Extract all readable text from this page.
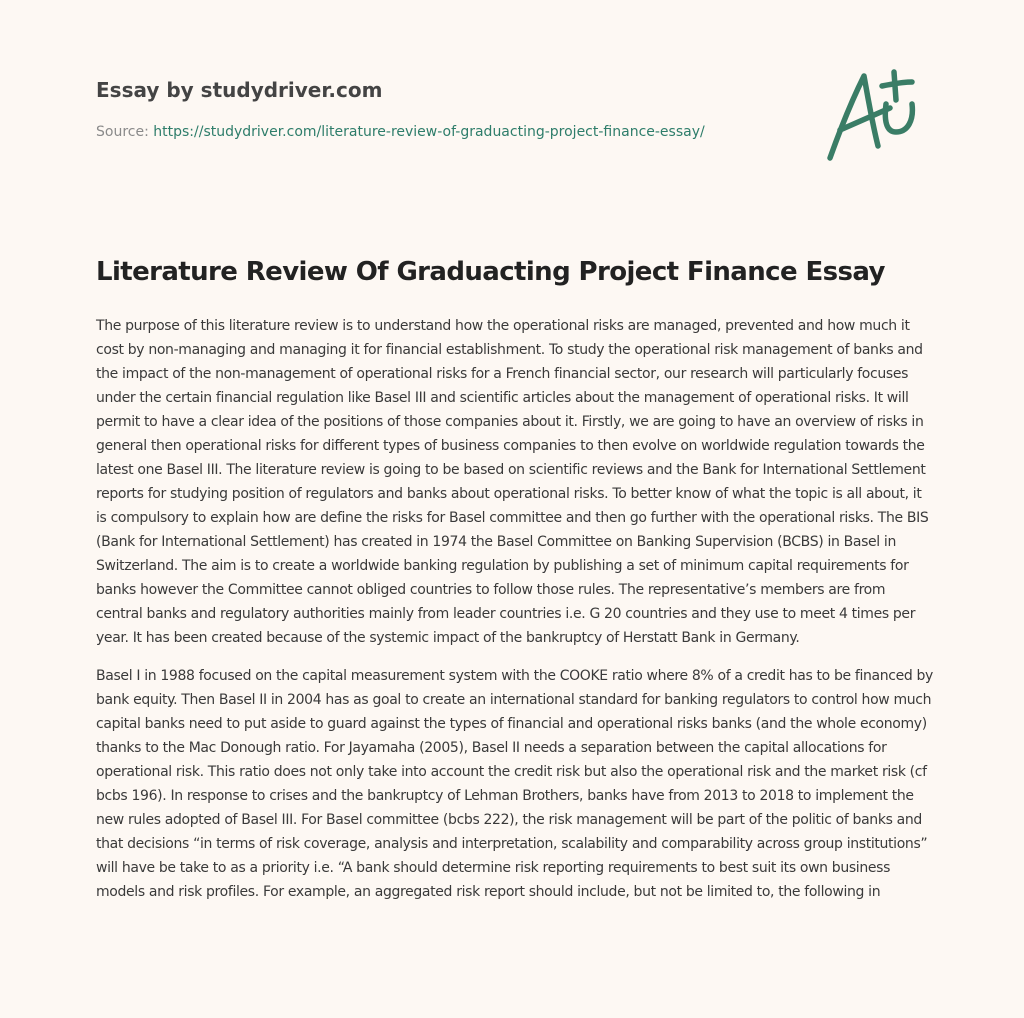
Essay by studydriver.com
Source: https://studydriver.com/literature-review-of-graduacting-project-finance-essay/
Literature Review Of Graduacting Project Finance Essay

The purpose of this literature review is to understand how the operational risks are managed, prevented and how much it cost by non-managing and managing it for financial establishment. To study the operational risk management of banks and the impact of the non-management of operational risks for a French financial sector, our research will particularly focuses under the certain financial regulation like Basel III and scientific articles about the management of operational risks. It will permit to have a clear idea of the positions of those companies about it. Firstly, we are going to have an overview of risks in general then operational risks for different types of business companies to then evolve on worldwide regulation towards the latest one Basel III. The literature review is going to be based on scientific reviews and the Bank for International Settlement reports for studying position of regulators and banks about operational risks. To better know of what the topic is all about, it is compulsory to explain how are define the risks for Basel committee and then go further with the operational risks. The BIS (Bank for International Settlement) has created in 1974 the Basel Committee on Banking Supervision (BCBS) in Basel in Switzerland. The aim is to create a worldwide banking regulation by publishing a set of minimum capital requirements for banks however the Committee cannot obliged countries to follow those rules. The representative’s members are from central banks and regulatory authorities mainly from leader countries i.e. G 20 countries and they use to meet 4 times per year. It has been created because of the systemic impact of the bankruptcy of Herstatt Bank in Germany.

Basel I in 1988 focused on the capital measurement system with the COOKE ratio where 8% of a credit has to be financed by bank equity. Then Basel II in 2004 has as goal to create an international standard for banking regulators to control how much capital banks need to put aside to guard against the types of financial and operational risks banks (and the whole economy) thanks to the Mac Donough ratio. For Jayamaha (2005), Basel II needs a separation between the capital allocations for operational risk. This ratio does not only take into account the credit risk but also the operational risk and the market risk (cf bcbs 196). In response to crises and the bankruptcy of Lehman Brothers, banks have from 2013 to 2018 to implement the new rules adopted of Basel III. For Basel committee (bcbs 222), the risk management will be part of the politic of banks and that decisions “in terms of risk coverage, analysis and interpretation, scalability and comparability across group institutions” will have be take to as a priority i.e. “A bank should determine risk reporting requirements to best suit its own business models and risk profiles. For example, an aggregated risk report should include, but not be limited to, the following in
